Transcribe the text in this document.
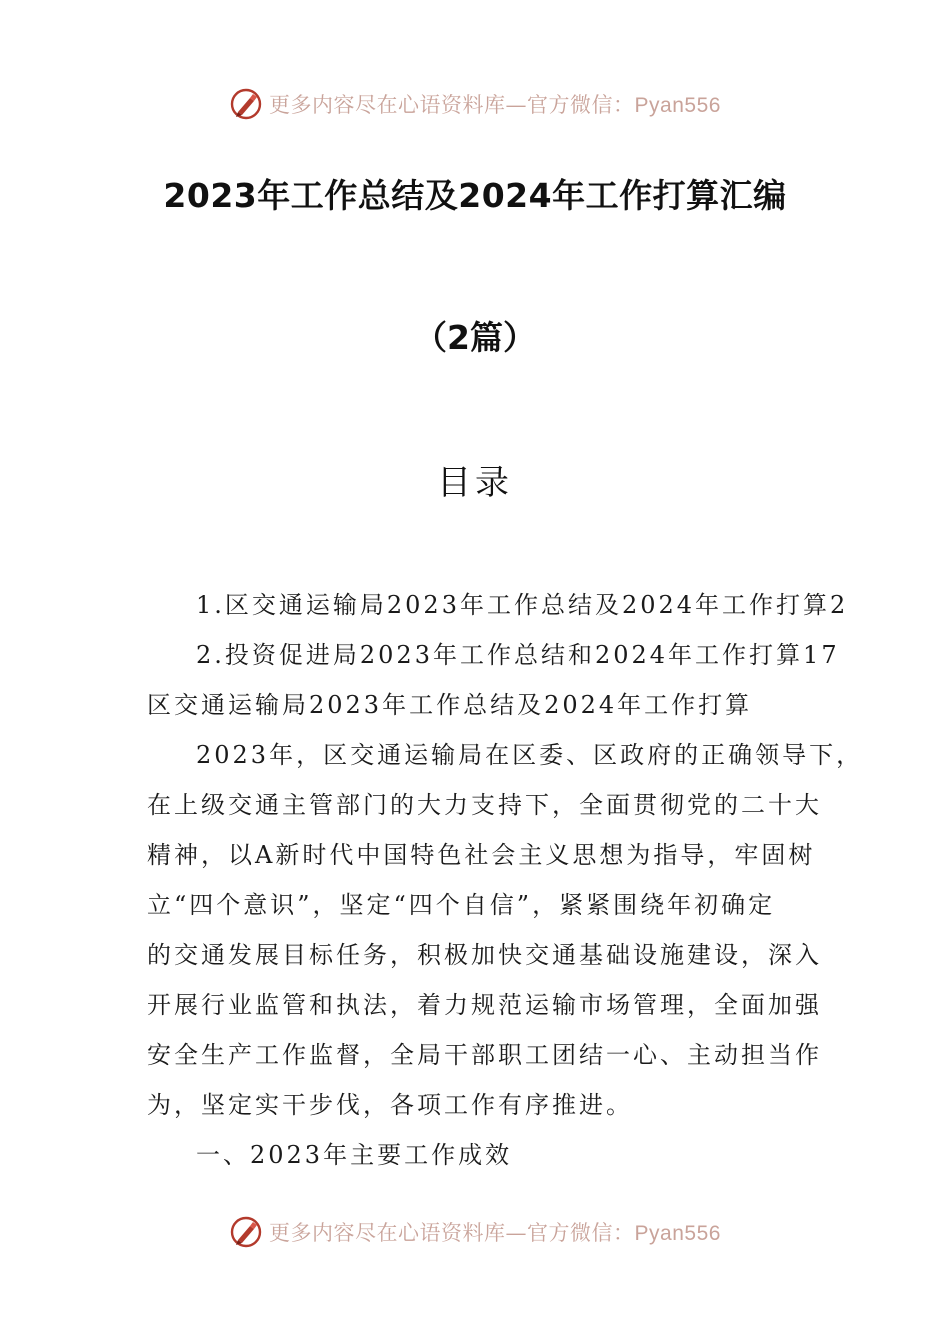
更多内容尽在心语资料库—官方微信：Pyan556
2023年工作总结及2024年工作打算汇编
（2篇）
目录
1.区交通运输局2023年工作总结及2024年工作打算2
2.投资促进局2023年工作总结和2024年工作打算17
区交通运输局2023年工作总结及2024年工作打算
2023年，区交通运输局在区委、区政府的正确领导下，
在上级交通主管部门的大力支持下，全面贯彻党的二十大
精神，以A新时代中国特色社会主义思想为指导，牢固树
立“四个意识”，坚定“四个自信”，紧紧围绕年初确定
的交通发展目标任务，积极加快交通基础设施建设，深入
开展行业监管和执法，着力规范运输市场管理，全面加强
安全生产工作监督，全局干部职工团结一心、主动担当作
为，坚定实干步伐，各项工作有序推进。
一、2023年主要工作成效
更多内容尽在心语资料库—官方微信：Pyan556
